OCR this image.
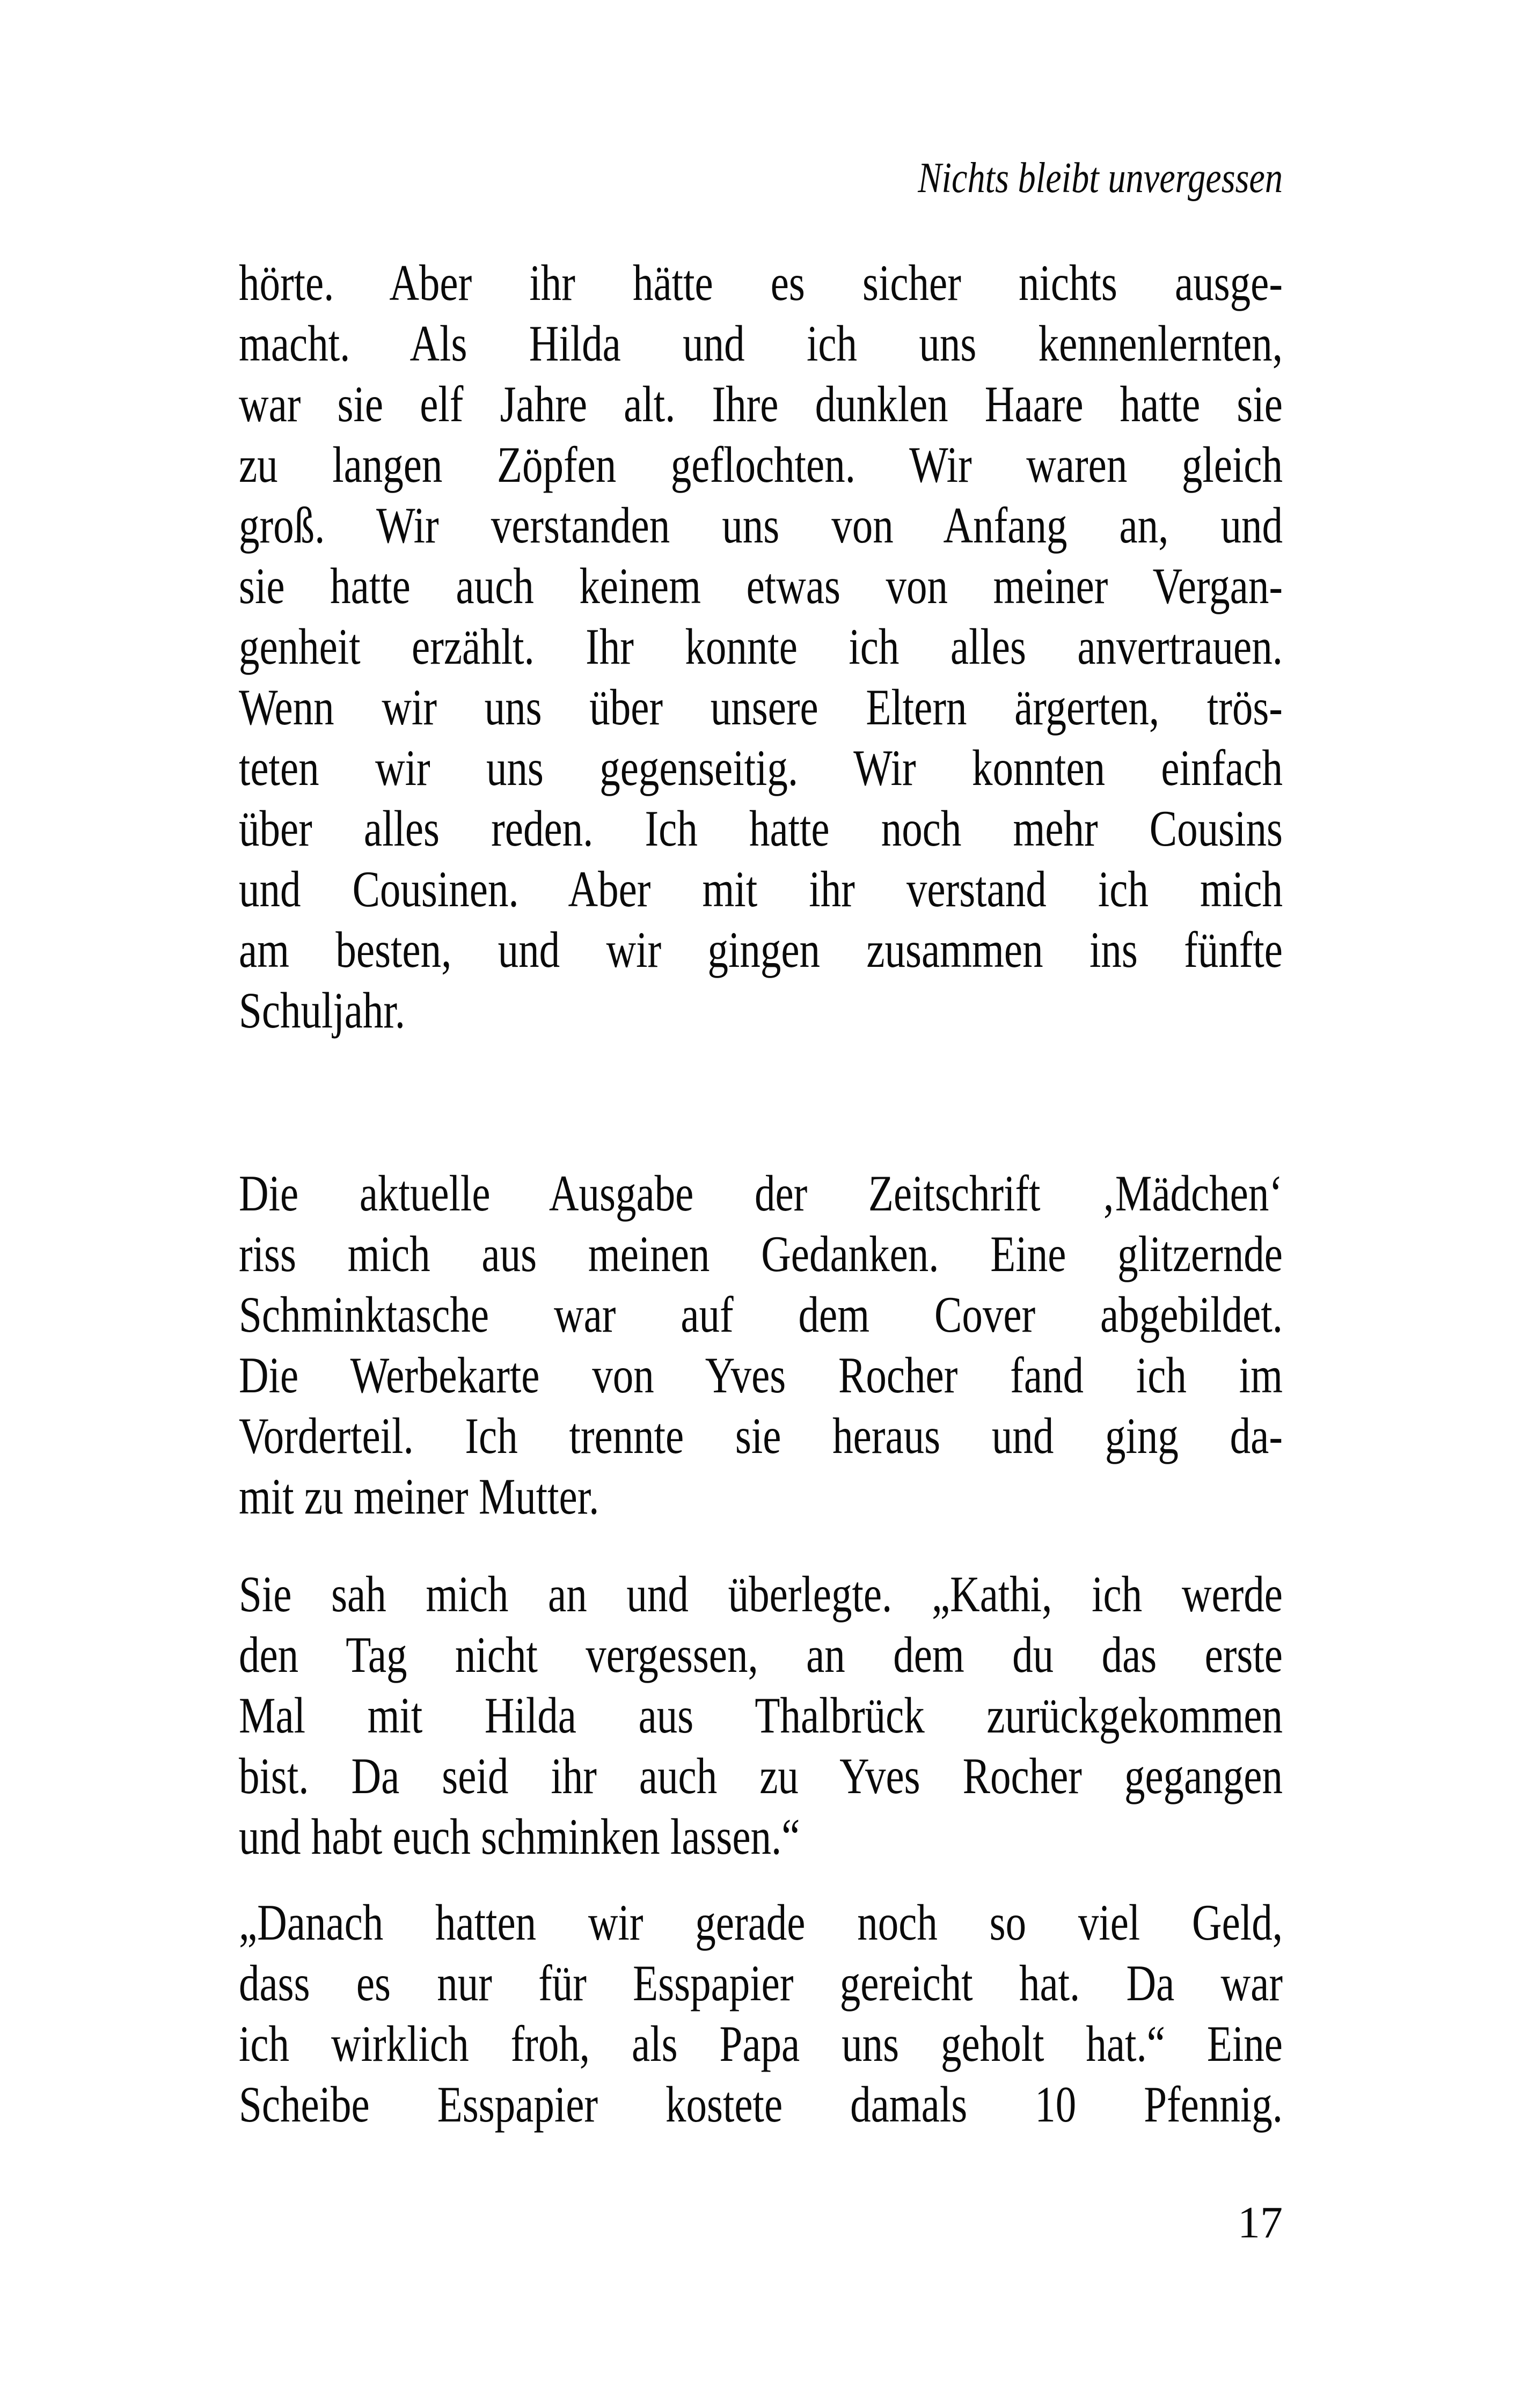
Nichts bleibt unvergessen
hörte. Aber ihr hätte es sicher nichts ausge-
macht. Als Hilda und ich uns kennenlernten,
war sie elf Jahre alt. Ihre dunklen Haare hatte sie
zu langen Zöpfen geflochten. Wir waren gleich
groß. Wir verstanden uns von Anfang an, und
sie hatte auch keinem etwas von meiner Vergan-
genheit erzählt. Ihr konnte ich alles anvertrauen.
Wenn wir uns über unsere Eltern ärgerten, trös-
teten wir uns gegenseitig. Wir konnten einfach
über alles reden. Ich hatte noch mehr Cousins
und Cousinen. Aber mit ihr verstand ich mich
am besten, und wir gingen zusammen ins fünfte
Schuljahr.
Die aktuelle Ausgabe der Zeitschrift ‚Mädchen‘
riss mich aus meinen Gedanken. Eine glitzernde
Schminktasche war auf dem Cover abgebildet.
Die Werbekarte von Yves Rocher fand ich im
Vorderteil. Ich trennte sie heraus und ging da-
mit zu meiner Mutter.
Sie sah mich an und überlegte. „Kathi, ich werde
den Tag nicht vergessen, an dem du das erste
Mal mit Hilda aus Thalbrück zurückgekommen
bist. Da seid ihr auch zu Yves Rocher gegangen
und habt euch schminken lassen.“
„Danach hatten wir gerade noch so viel Geld,
dass es nur für Esspapier gereicht hat. Da war
ich wirklich froh, als Papa uns geholt hat.“ Eine
Scheibe Esspapier kostete damals 10 Pfennig.
17
